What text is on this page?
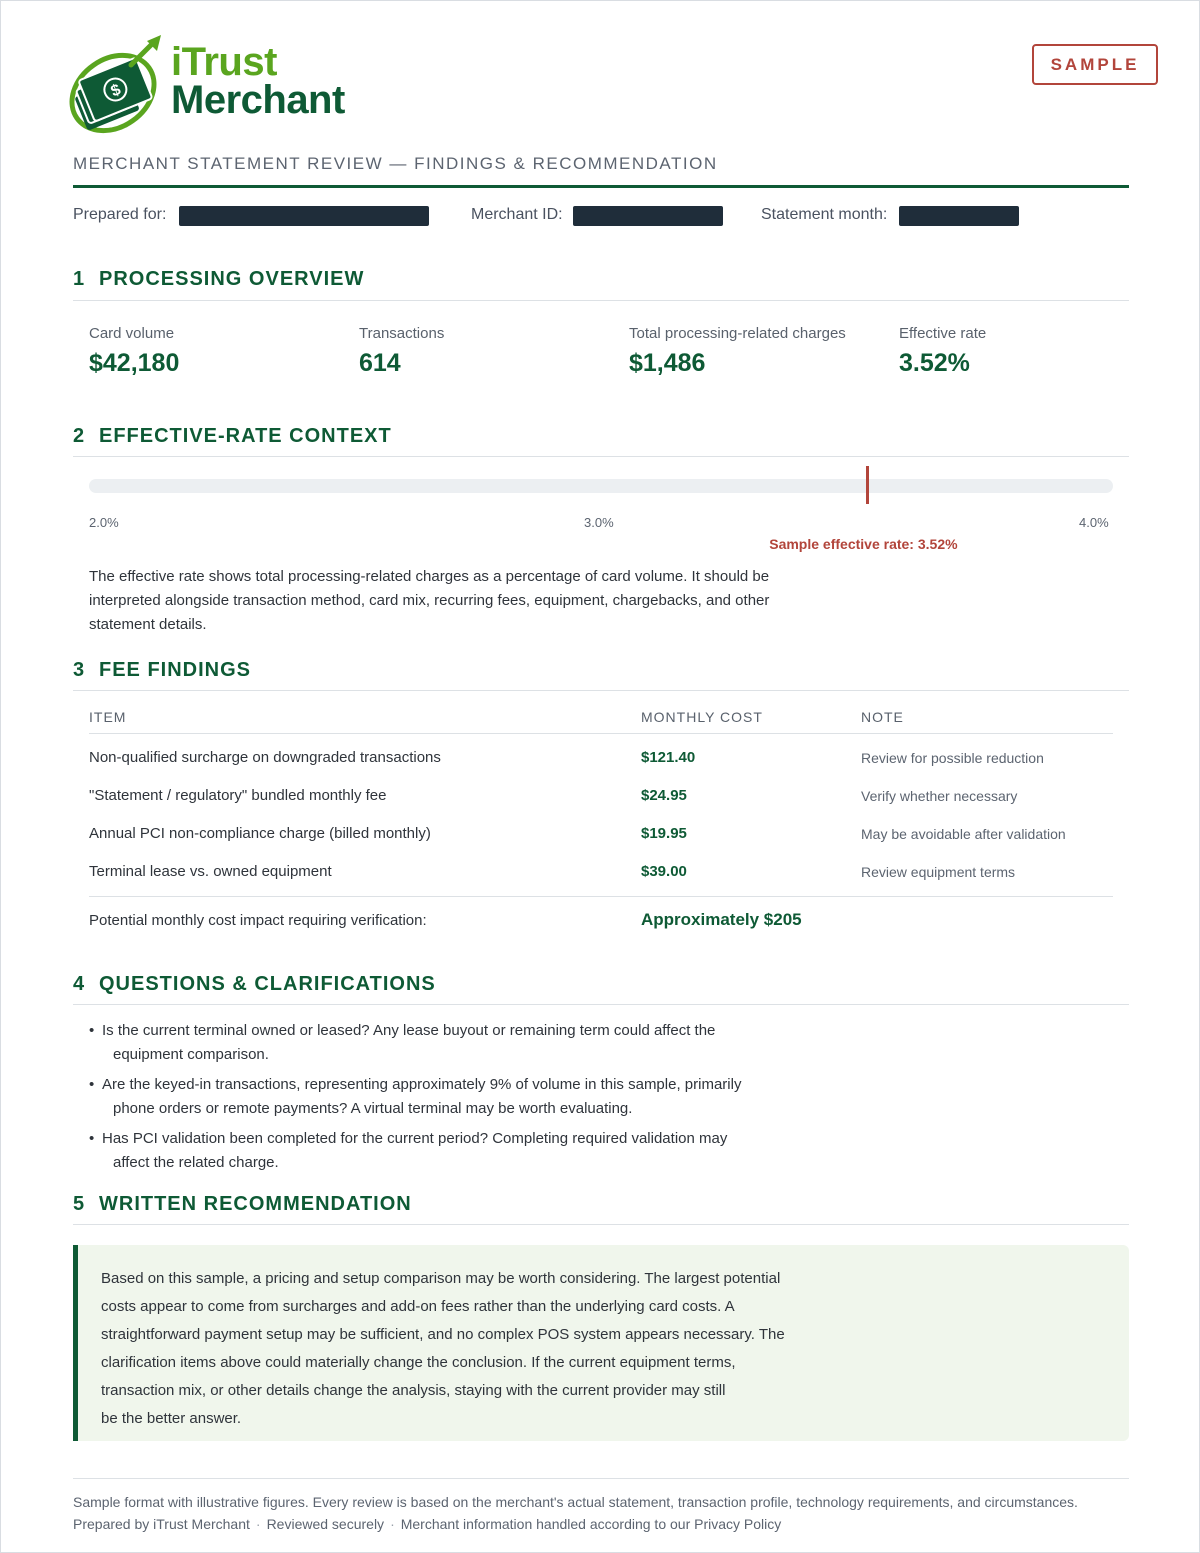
$
iTrust
Merchant
SAMPLE
MERCHANT STATEMENT REVIEW — FINDINGS & RECOMMENDATION
Prepared for:	Merchant ID:	Statement month:
1 PROCESSING OVERVIEW
Card volume
$42,180
Transactions
614
Total processing-related charges
$1,486
Effective rate
3.52%
2 EFFECTIVE-RATE CONTEXT
2.0%	3.0%	4.0%
Sample effective rate: 3.52%
The effective rate shows total processing-related charges as a percentage of card volume. It should be interpreted alongside transaction method, card mix, recurring fees, equipment, chargebacks, and other statement details.
3 FEE FINDINGS
ITEM	MONTHLY COST	NOTE
Non-qualified surcharge on downgraded transactions	$121.40	Review for possible reduction
"Statement / regulatory" bundled monthly fee	$24.95	Verify whether necessary
Annual PCI non-compliance charge (billed monthly)	$19.95	May be avoidable after validation
Terminal lease vs. owned equipment	$39.00	Review equipment terms
Potential monthly cost impact requiring verification:	Approximately $205
4 QUESTIONS & CLARIFICATIONS
• Is the current terminal owned or leased? Any lease buyout or remaining term could affect the
equipment comparison.
• Are the keyed-in transactions, representing approximately 9% of volume in this sample, primarily
phone orders or remote payments? A virtual terminal may be worth evaluating.
• Has PCI validation been completed for the current period? Completing required validation may
affect the related charge.
5 WRITTEN RECOMMENDATION
Based on this sample, a pricing and setup comparison may be worth considering. The largest potential
costs appear to come from surcharges and add-on fees rather than the underlying card costs. A
straightforward payment setup may be sufficient, and no complex POS system appears necessary. The
clarification items above could materially change the conclusion. If the current equipment terms,
transaction mix, or other details change the analysis, staying with the current provider may still
be the better answer.
Sample format with illustrative figures. Every review is based on the merchant's actual statement, transaction profile, technology requirements, and circumstances.
Prepared by iTrust Merchant · Reviewed securely · Merchant information handled according to our Privacy Policy
